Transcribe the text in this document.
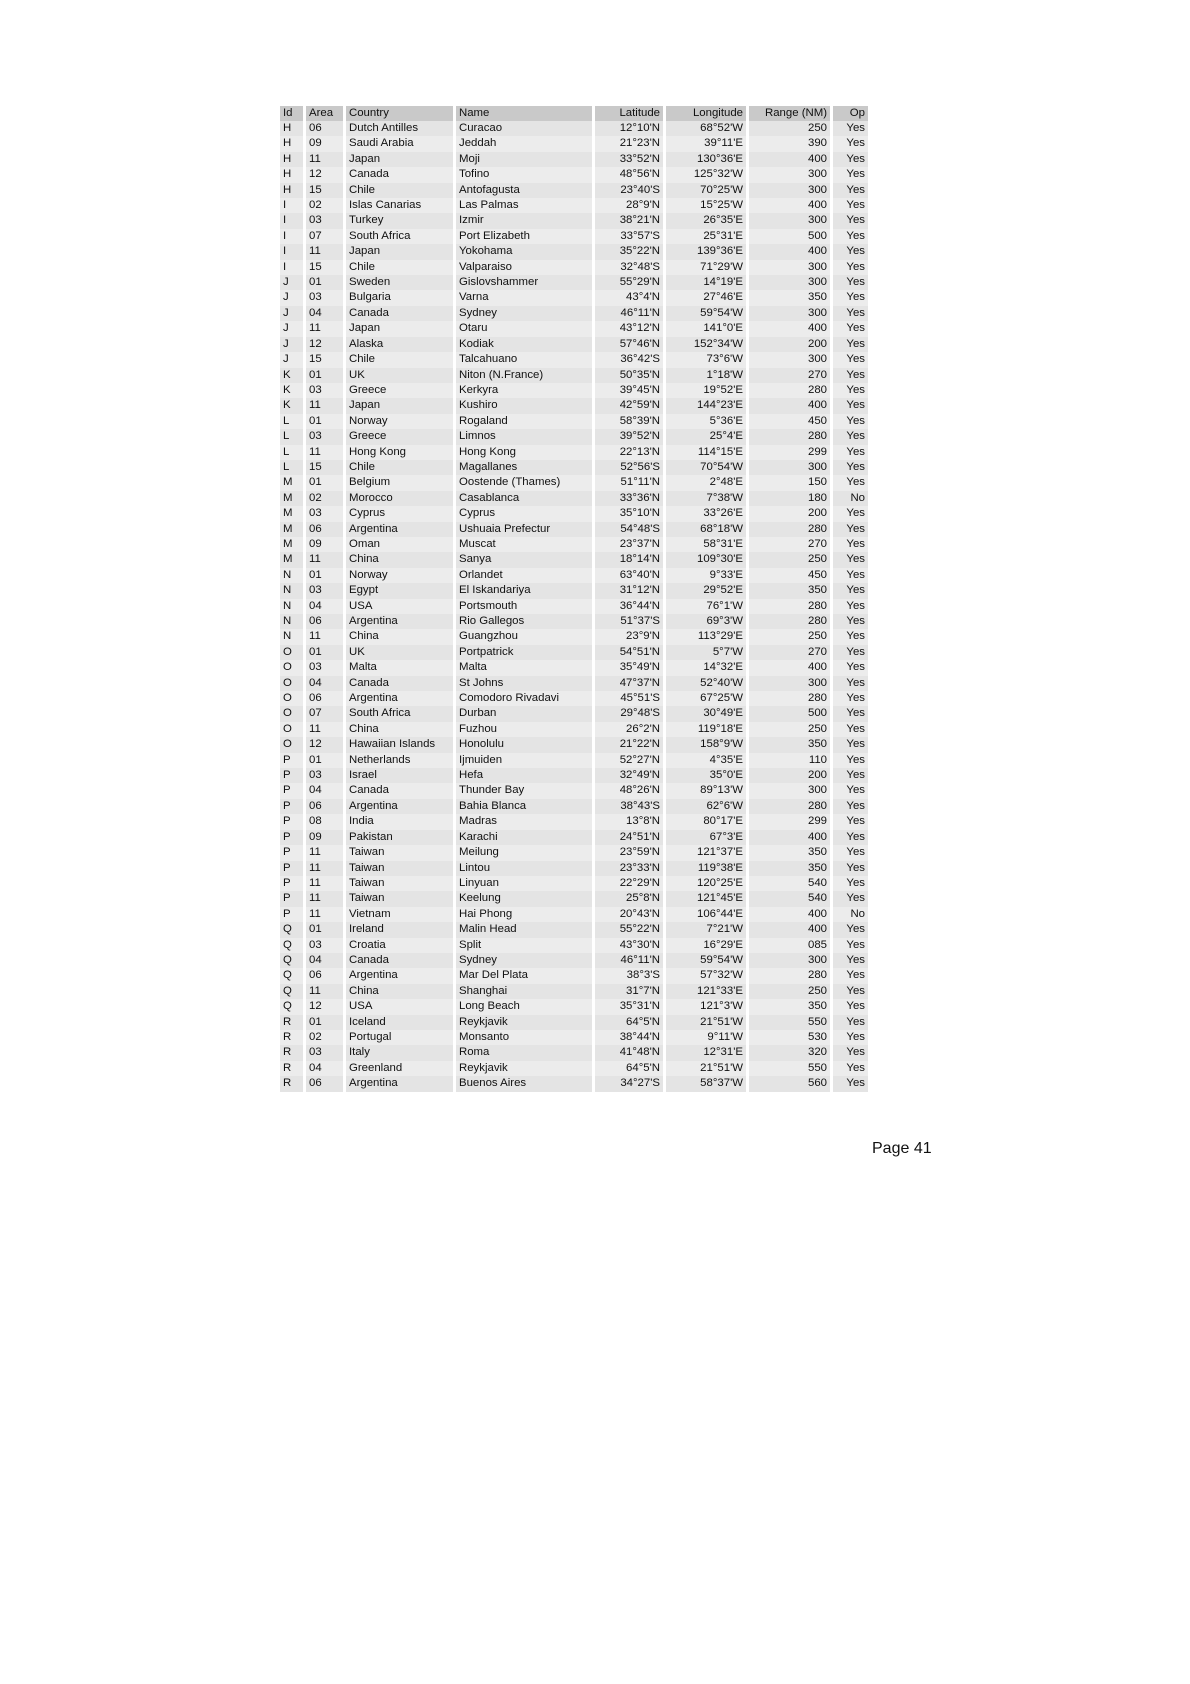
Id	Area	Country	Name	Latitude	Longitude	Range (NM)	Op
H	06	Dutch Antilles	Curacao	12°10'N	68°52'W	250	Yes
H	09	Saudi Arabia	Jeddah	21°23'N	39°11'E	390	Yes
H	11	Japan	Moji	33°52'N	130°36'E	400	Yes
H	12	Canada	Tofino	48°56'N	125°32'W	300	Yes
H	15	Chile	Antofagusta	23°40'S	70°25'W	300	Yes
I	02	Islas Canarias	Las Palmas	28°9'N	15°25'W	400	Yes
I	03	Turkey	Izmir	38°21'N	26°35'E	300	Yes
I	07	South Africa	Port Elizabeth	33°57'S	25°31'E	500	Yes
I	11	Japan	Yokohama	35°22'N	139°36'E	400	Yes
I	15	Chile	Valparaiso	32°48'S	71°29'W	300	Yes
J	01	Sweden	Gislovshammer	55°29'N	14°19'E	300	Yes
J	03	Bulgaria	Varna	43°4'N	27°46'E	350	Yes
J	04	Canada	Sydney	46°11'N	59°54'W	300	Yes
J	11	Japan	Otaru	43°12'N	141°0'E	400	Yes
J	12	Alaska	Kodiak	57°46'N	152°34'W	200	Yes
J	15	Chile	Talcahuano	36°42'S	73°6'W	300	Yes
K	01	UK	Niton (N.France)	50°35'N	1°18'W	270	Yes
K	03	Greece	Kerkyra	39°45'N	19°52'E	280	Yes
K	11	Japan	Kushiro	42°59'N	144°23'E	400	Yes
L	01	Norway	Rogaland	58°39'N	5°36'E	450	Yes
L	03	Greece	Limnos	39°52'N	25°4'E	280	Yes
L	11	Hong Kong	Hong Kong	22°13'N	114°15'E	299	Yes
L	15	Chile	Magallanes	52°56'S	70°54'W	300	Yes
M	01	Belgium	Oostende (Thames)	51°11'N	2°48'E	150	Yes
M	02	Morocco	Casablanca	33°36'N	7°38'W	180	No
M	03	Cyprus	Cyprus	35°10'N	33°26'E	200	Yes
M	06	Argentina	Ushuaia Prefectur	54°48'S	68°18'W	280	Yes
M	09	Oman	Muscat	23°37'N	58°31'E	270	Yes
M	11	China	Sanya	18°14'N	109°30'E	250	Yes
N	01	Norway	Orlandet	63°40'N	9°33'E	450	Yes
N	03	Egypt	El Iskandariya	31°12'N	29°52'E	350	Yes
N	04	USA	Portsmouth	36°44'N	76°1'W	280	Yes
N	06	Argentina	Rio Gallegos	51°37'S	69°3'W	280	Yes
N	11	China	Guangzhou	23°9'N	113°29'E	250	Yes
O	01	UK	Portpatrick	54°51'N	5°7'W	270	Yes
O	03	Malta	Malta	35°49'N	14°32'E	400	Yes
O	04	Canada	St Johns	47°37'N	52°40'W	300	Yes
O	06	Argentina	Comodoro Rivadavi	45°51'S	67°25'W	280	Yes
O	07	South Africa	Durban	29°48'S	30°49'E	500	Yes
O	11	China	Fuzhou	26°2'N	119°18'E	250	Yes
O	12	Hawaiian Islands	Honolulu	21°22'N	158°9'W	350	Yes
P	01	Netherlands	Ijmuiden	52°27'N	4°35'E	110	Yes
P	03	Israel	Hefa	32°49'N	35°0'E	200	Yes
P	04	Canada	Thunder Bay	48°26'N	89°13'W	300	Yes
P	06	Argentina	Bahia Blanca	38°43'S	62°6'W	280	Yes
P	08	India	Madras	13°8'N	80°17'E	299	Yes
P	09	Pakistan	Karachi	24°51'N	67°3'E	400	Yes
P	11	Taiwan	Meilung	23°59'N	121°37'E	350	Yes
P	11	Taiwan	Lintou	23°33'N	119°38'E	350	Yes
P	11	Taiwan	Linyuan	22°29'N	120°25'E	540	Yes
P	11	Taiwan	Keelung	25°8'N	121°45'E	540	Yes
P	11	Vietnam	Hai Phong	20°43'N	106°44'E	400	No
Q	01	Ireland	Malin Head	55°22'N	7°21'W	400	Yes
Q	03	Croatia	Split	43°30'N	16°29'E	085	Yes
Q	04	Canada	Sydney	46°11'N	59°54'W	300	Yes
Q	06	Argentina	Mar Del Plata	38°3'S	57°32'W	280	Yes
Q	11	China	Shanghai	31°7'N	121°33'E	250	Yes
Q	12	USA	Long Beach	35°31'N	121°3'W	350	Yes
R	01	Iceland	Reykjavik	64°5'N	21°51'W	550	Yes
R	02	Portugal	Monsanto	38°44'N	9°11'W	530	Yes
R	03	Italy	Roma	41°48'N	12°31'E	320	Yes
R	04	Greenland	Reykjavik	64°5'N	21°51'W	550	Yes
R	06	Argentina	Buenos Aires	34°27'S	58°37'W	560	Yes
Page 41
